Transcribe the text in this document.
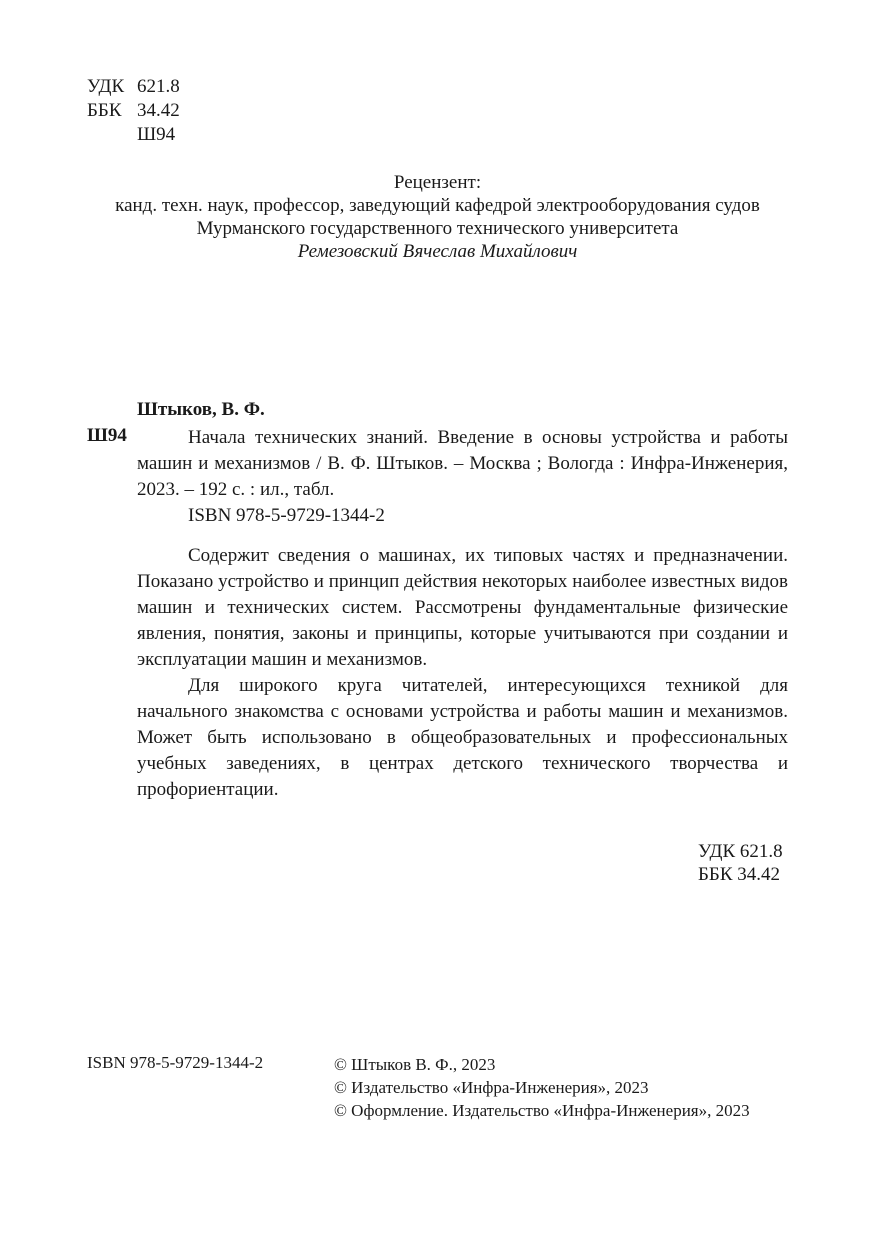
УДК 621.8
ББК 34.42
Ш94
Рецензент:
канд. техн. наук, профессор, заведующий кафедрой электрооборудования судов
Мурманского государственного технического университета
Ремезовский Вячеслав Михайлович
Штыков, В. Ф.
Ш94	Начала технических знаний. Введение в основы устройства и работы машин и механизмов / В. Ф. Штыков. – Москва ; Вологда : Инфра-Инженерия, 2023. – 192 с. : ил., табл.

ISBN 978-5-9729-1344-2

Содержит сведения о машинах, их типовых частях и предназначении. Показано устройство и принцип действия некоторых наиболее известных видов машин и технических систем. Рассмотрены фундаментальные физические явления, понятия, законы и принципы, которые учитываются при создании и эксплуатации машин и механизмов.

Для широкого круга читателей, интересующихся техникой для начального знакомства с основами устройства и работы машин и механизмов. Может быть использовано в общеобразовательных и профессиональных учебных заведениях, в центрах детского технического творчества и профориентации.

УДК 621.8
ББК 34.42
ISBN 978-5-9729-1344-2	© Штыков В. Ф., 2023
© Издательство «Инфра-Инженерия», 2023
© Оформление. Издательство «Инфра-Инженерия», 2023
